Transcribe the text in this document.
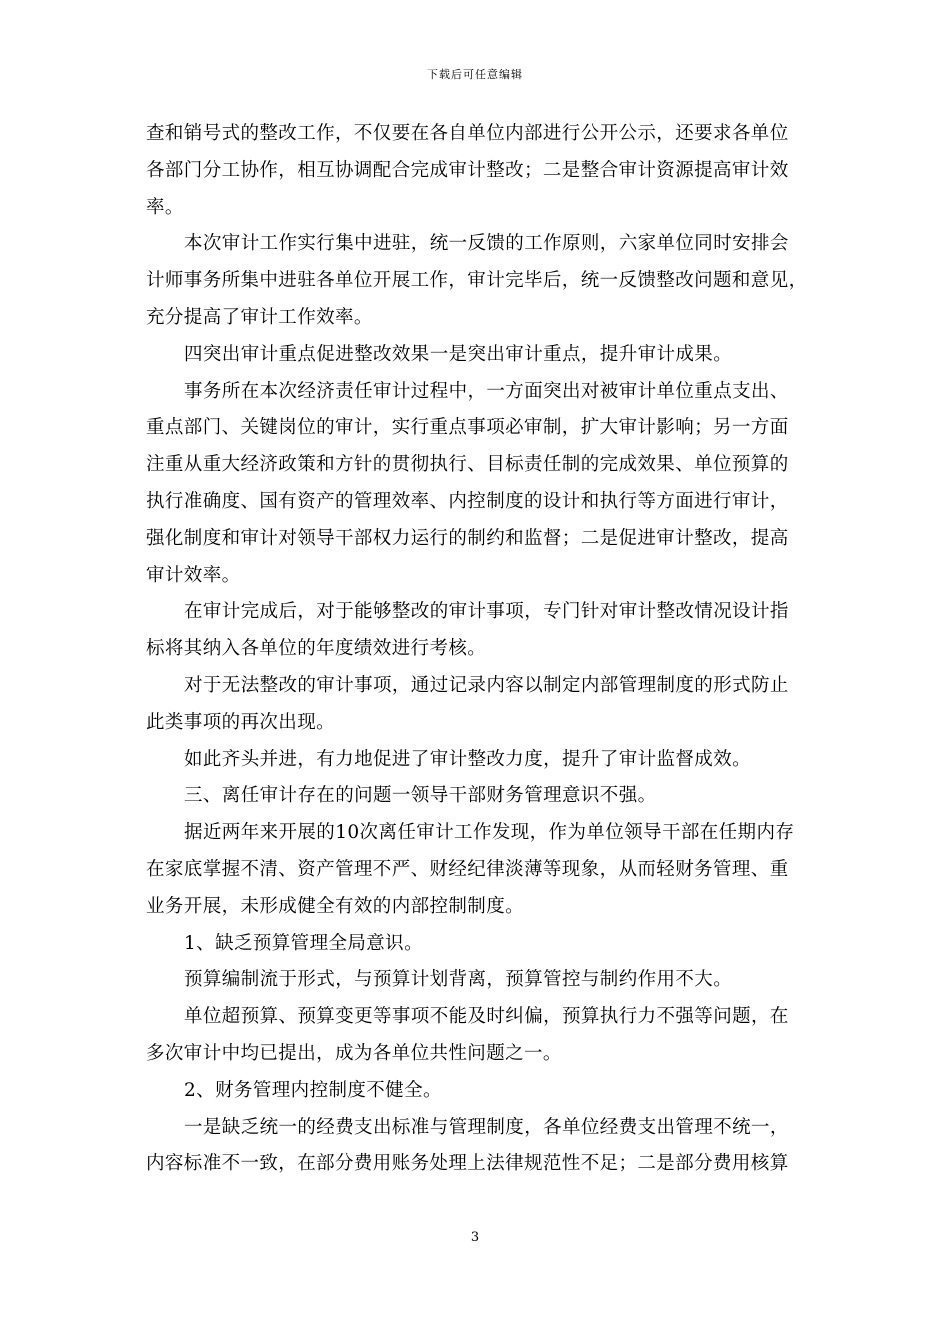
下载后可任意编辑
查和销号式的整改工作，不仅要在各自单位内部进行公开公示，还要求各单位
各部门分工协作，相互协调配合完成审计整改；二是整合审计资源提高审计效
率。
本次审计工作实行集中进驻，统一反馈的工作原则，六家单位同时安排会
计师事务所集中进驻各单位开展工作，审计完毕后，统一反馈整改问题和意见，
充分提高了审计工作效率。
四突出审计重点促进整改效果一是突出审计重点，提升审计成果。
事务所在本次经济责任审计过程中，一方面突出对被审计单位重点支出、
重点部门、关键岗位的审计，实行重点事项必审制，扩大审计影响；另一方面
注重从重大经济政策和方针的贯彻执行、目标责任制的完成效果、单位预算的
执行准确度、国有资产的管理效率、内控制度的设计和执行等方面进行审计，
强化制度和审计对领导干部权力运行的制约和监督；二是促进审计整改，提高
审计效率。
在审计完成后，对于能够整改的审计事项，专门针对审计整改情况设计指
标将其纳入各单位的年度绩效进行考核。
对于无法整改的审计事项，通过记录内容以制定内部管理制度的形式防止
此类事项的再次出现。
如此齐头并进，有力地促进了审计整改力度，提升了审计监督成效。
三、离任审计存在的问题一领导干部财务管理意识不强。
据近两年来开展的10次离任审计工作发现，作为单位领导干部在任期内存
在家底掌握不清、资产管理不严、财经纪律淡薄等现象，从而轻财务管理、重
业务开展，未形成健全有效的内部控制制度。
1、缺乏预算管理全局意识。
预算编制流于形式，与预算计划背离，预算管控与制约作用不大。
单位超预算、预算变更等事项不能及时纠偏，预算执行力不强等问题，在
多次审计中均已提出，成为各单位共性问题之一。
2、财务管理内控制度不健全。
一是缺乏统一的经费支出标准与管理制度，各单位经费支出管理不统一，
内容标准不一致，在部分费用账务处理上法律规范性不足；二是部分费用核算
3
